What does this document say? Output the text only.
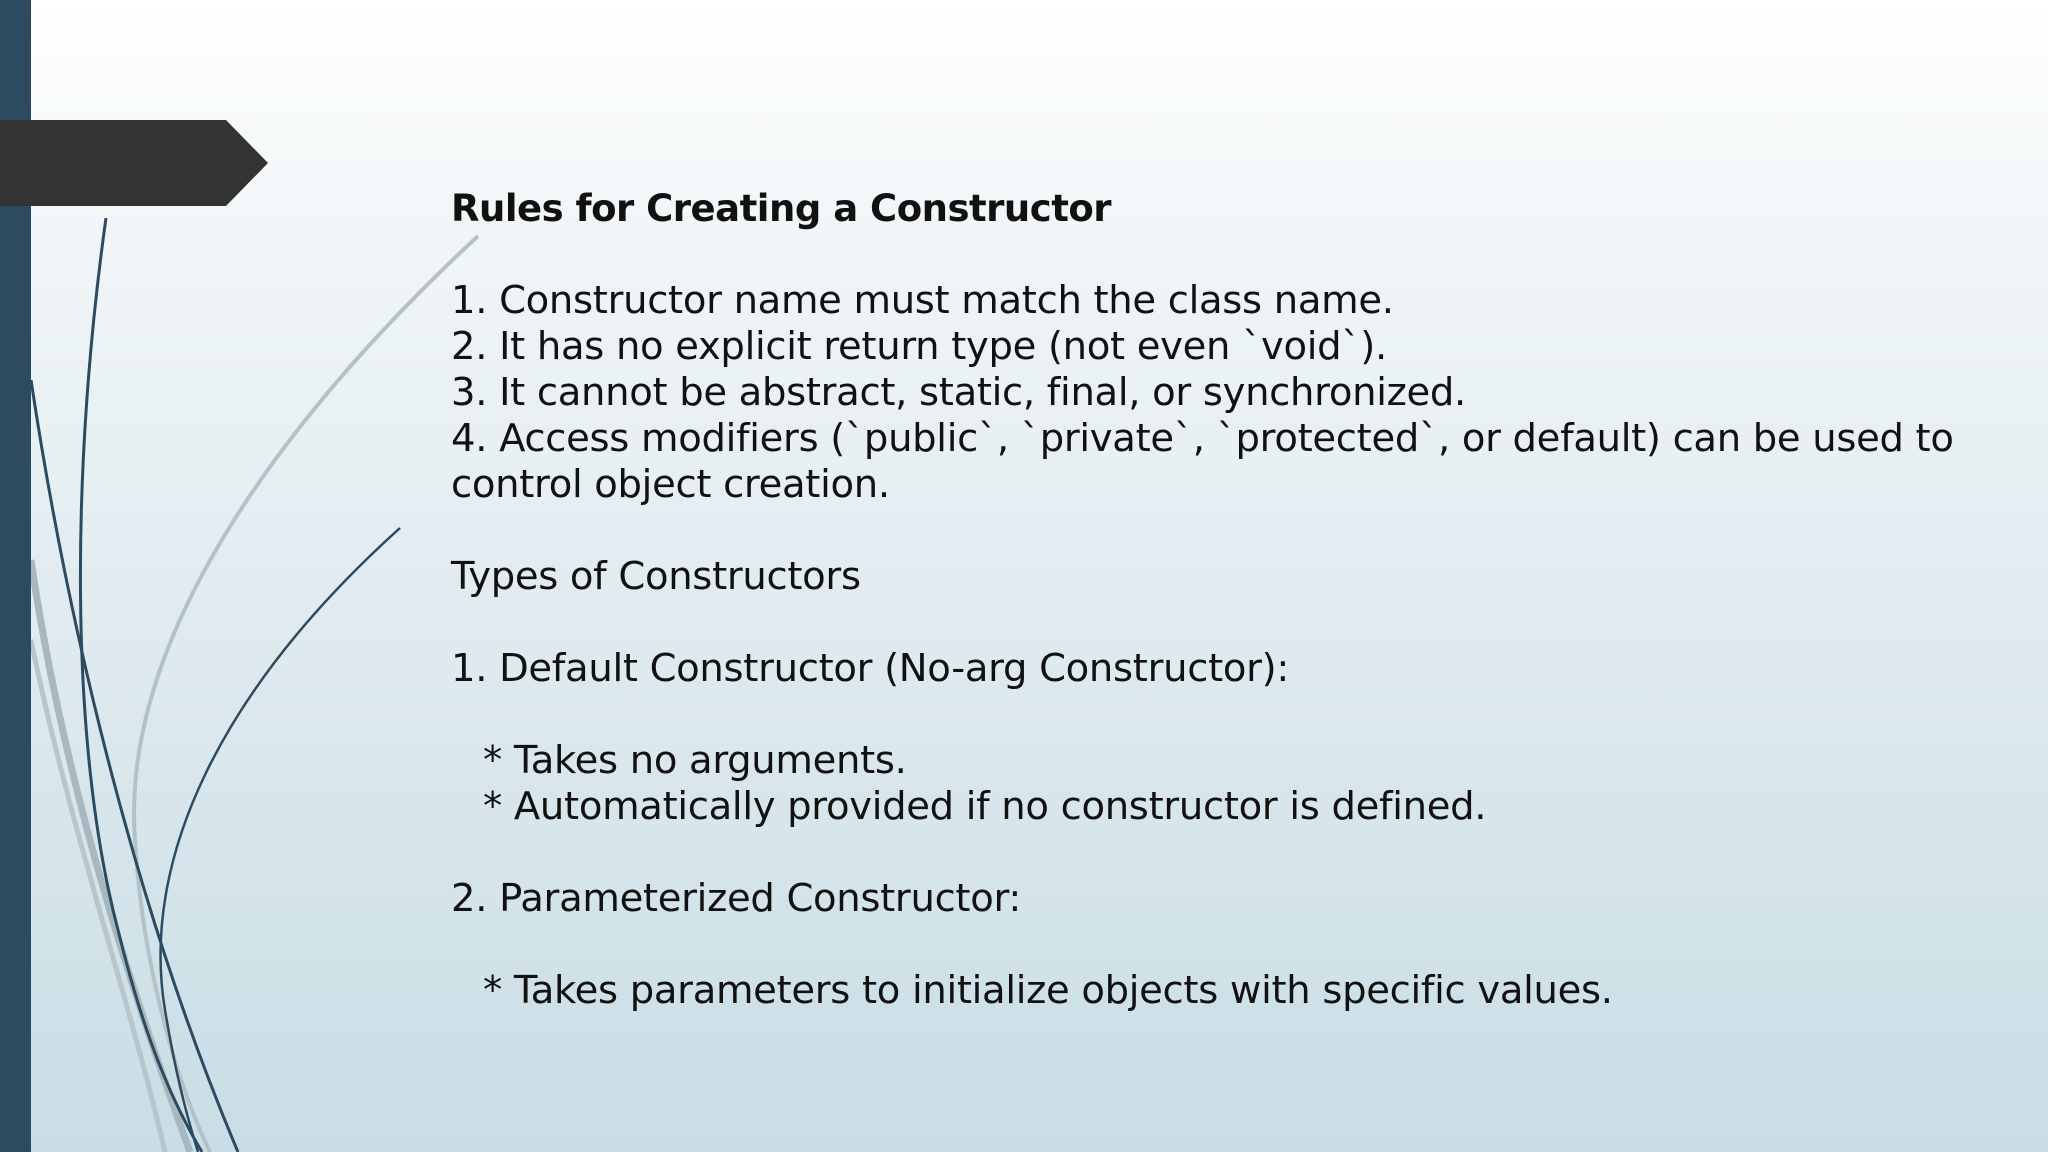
Rules for Creating a Constructor
1. Constructor name must match the class name.
2. It has no explicit return type (not even `void`).
3. It cannot be abstract, static, final, or synchronized.
4. Access modifiers (`public`, `private`, `protected`, or default) can be used to control object creation.
Types of Constructors
1. Default Constructor (No-arg Constructor):
* Takes no arguments.
* Automatically provided if no constructor is defined.
2. Parameterized Constructor:
* Takes parameters to initialize objects with specific values.
